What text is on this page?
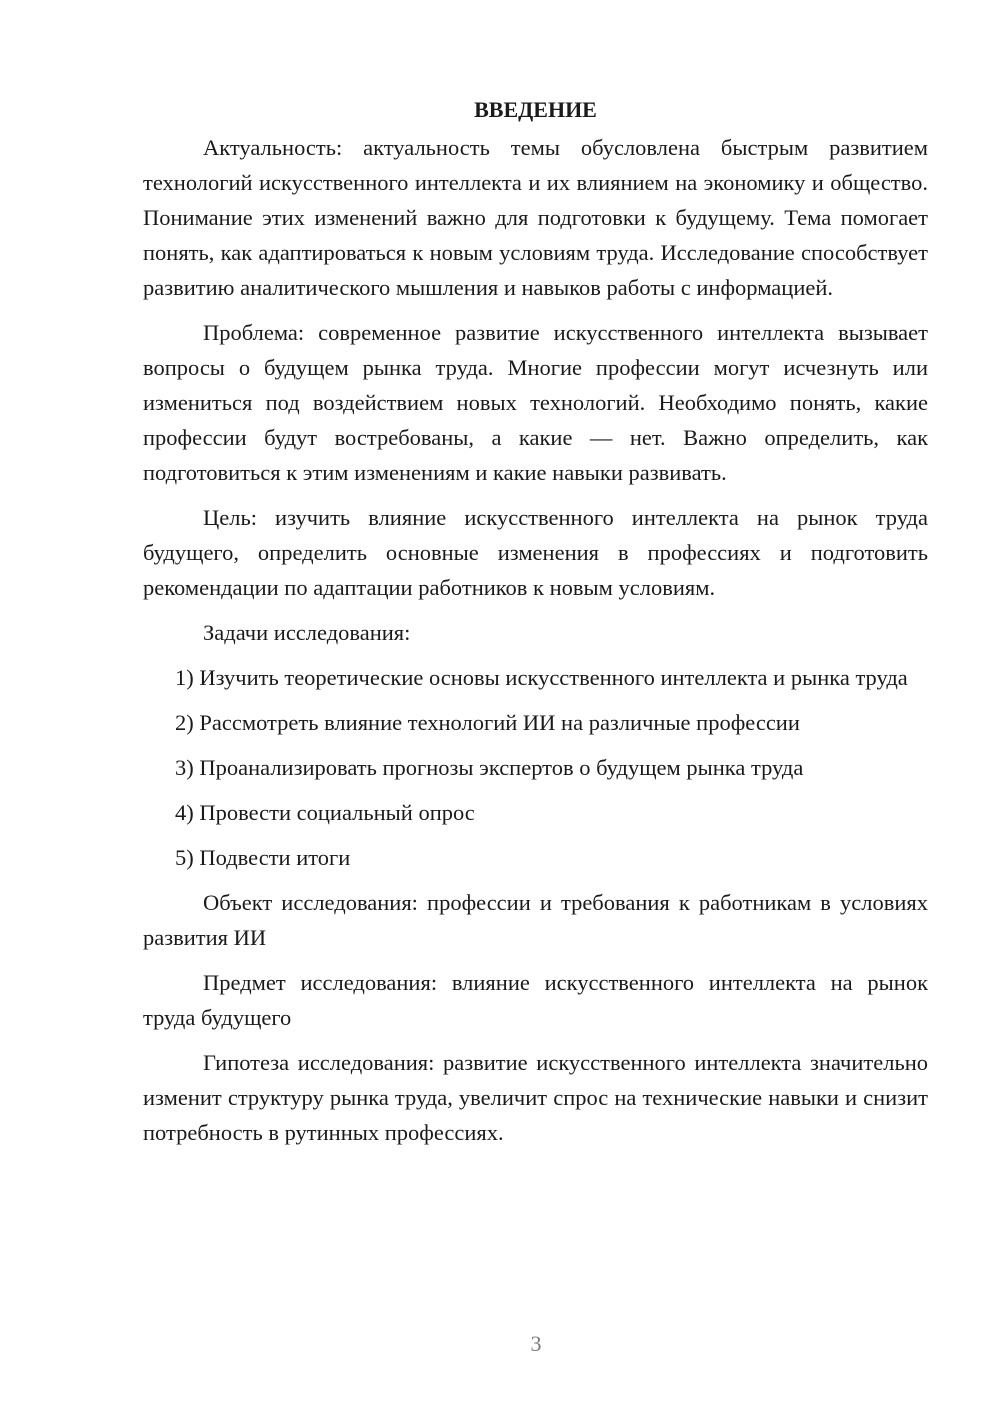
ВВЕДЕНИЕ

Актуальность: актуальность темы обусловлена быстрым развитием технологий искусственного интеллекта и их влиянием на экономику и общество. Понимание этих изменений важно для подготовки к будущему. Тема помогает понять, как адаптироваться к новым условиям труда. Исследование способствует развитию аналитического мышления и навыков работы с информацией.

Проблема: современное развитие искусственного интеллекта вызывает вопросы о будущем рынка труда. Многие профессии могут исчезнуть или измениться под воздействием новых технологий. Необходимо понять, какие профессии будут востребованы, а какие — нет. Важно определить, как подготовиться к этим изменениям и какие навыки развивать.

Цель: изучить влияние искусственного интеллекта на рынок труда будущего, определить основные изменения в профессиях и подготовить рекомендации по адаптации работников к новым условиям.

Задачи исследования:

1) Изучить теоретические основы искусственного интеллекта и рынка труда

2) Рассмотреть влияние технологий ИИ на различные профессии

3) Проанализировать прогнозы экспертов о будущем рынка труда

4) Провести социальный опрос

5) Подвести итоги

Объект исследования: профессии и требования к работникам в условиях развития ИИ

Предмет исследования: влияние искусственного интеллекта на рынок труда будущего

Гипотеза исследования: развитие искусственного интеллекта значительно изменит структуру рынка труда, увеличит спрос на технические навыки и снизит потребность в рутинных профессиях.

3
